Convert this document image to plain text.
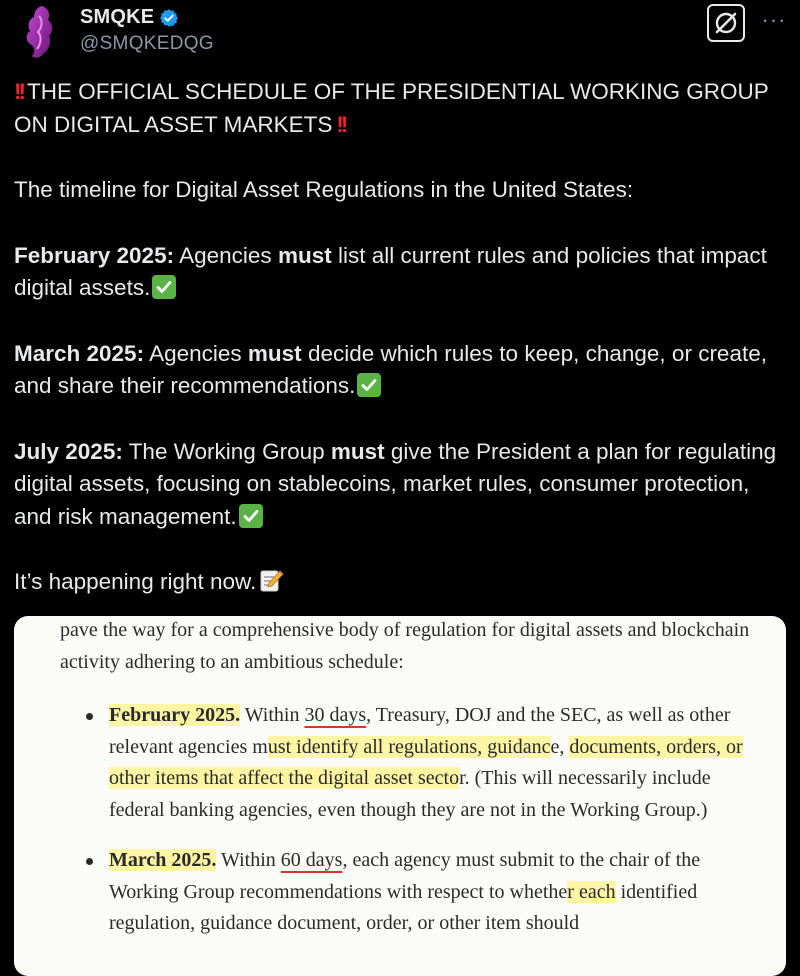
SMQKE
@SMQKEDQG
···

!! THE OFFICIAL SCHEDULE OF THE PRESIDENTIAL WORKING GROUP ON DIGITAL ASSET MARKETS !!

The timeline for Digital Asset Regulations in the United States:

February 2025: Agencies must list all current rules and policies that impact digital assets.

March 2025: Agencies must decide which rules to keep, change, or create, and share their recommendations.

July 2025: The Working Group must give the President a plan for regulating digital assets, focusing on stablecoins, market rules, consumer protection, and risk management.

It’s happening right now.

pave the way for a comprehensive body of regulation for digital assets and blockchain activity adhering to an ambitious schedule:
February 2025. Within 30 days, Treasury, DOJ and the SEC, as well as other relevant agencies must identify all regulations, guidance, documents, orders, or other items that affect the digital asset sector. (This will necessarily include federal banking agencies, even though they are not in the Working Group.)
March 2025. Within 60 days, each agency must submit to the chair of the Working Group recommendations with respect to whether each identified regulation, guidance document, order, or other item should
